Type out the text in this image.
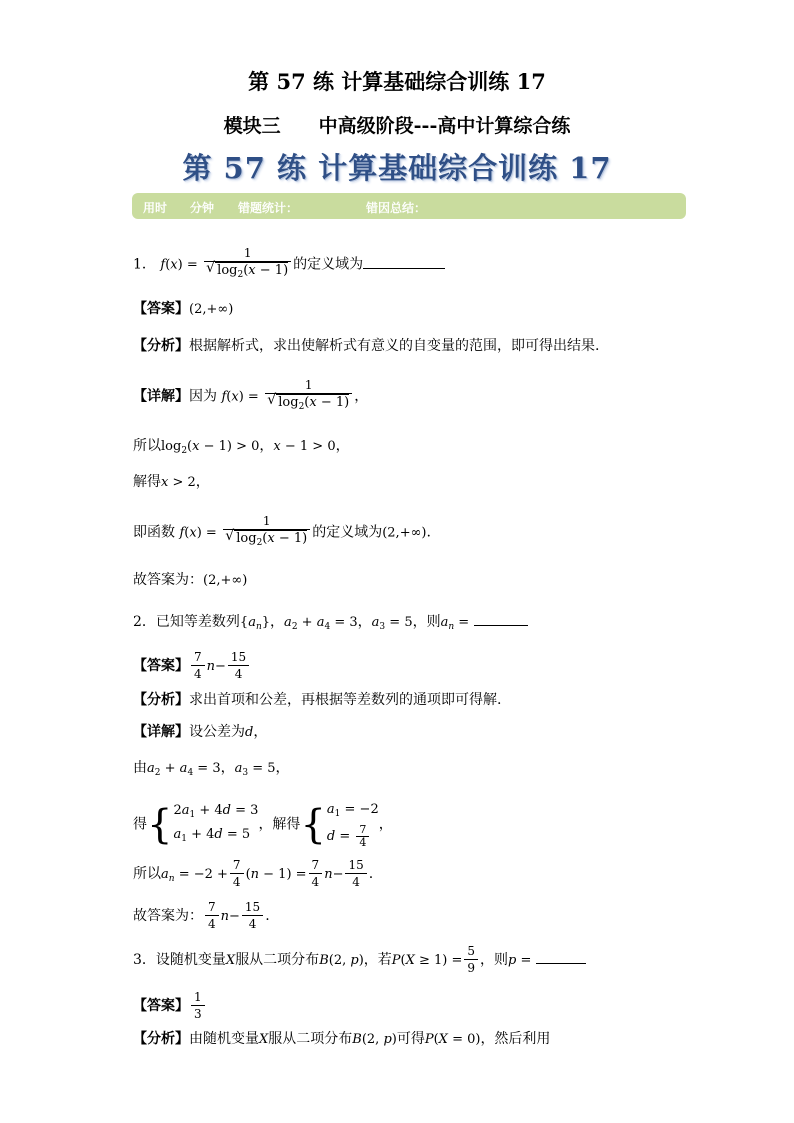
第 57 练 计算基础综合训练 17
模块三 中高级阶段---高中计算综合练
第 57 练 计算基础综合训练 17
用时 分钟 错题统计：	错因总结：
1． f(x) = 1
√ $\log_2(x - 1)$ 的定义域为
【答案】(2,+∞)
【分析】根据解析式，求出使解析式有意义的自变量的范围，即可得出结果.
【详解】因为 f(x) = 1
√ $\log_2(x - 1)$ ，
所以$\log_2(x - 1) > 0$，x − 1 > 0，
解得x > 2，
即函数 f(x) = 1
√ $\log_2(x - 1)$ 的定义域为(2,+∞).
故答案为：(2,+∞)
2．已知等差数列$\{a_n\}$，$a_2 + a_4 = 3$，$a_3 = 5$，则$a_n$ =
【答案】 $\frac{7}{4} n- \frac{15}{4}$
【分析】求出首项和公差，再根据等差数列的通项即可得解.
【详解】设公差为d，
由$a_2 + a_4 = 3$，$a_3 = 5$，
得{ $2a_1 + 4d = 3$
$a_1 + 4d = 5$
，解得{ $a_1 = -2$
$d = \frac{7}{4}$ ，
所以$a_n = -2 + \frac{7}{4} (n - 1) = \frac{7}{4} n- \frac{15}{4}$ .
故答案为： $\frac{7}{4} n- \frac{15}{4}$ .
3．设随机变量X服从二项分布B(2, p)，若$P(X \ge 1) = \frac{5}{9}$ ，则p =
【答案】 $\frac{1}{3}$
【分析】由随机变量X服从二项分布B(2, p)可得P(X = 0)，然后利用
